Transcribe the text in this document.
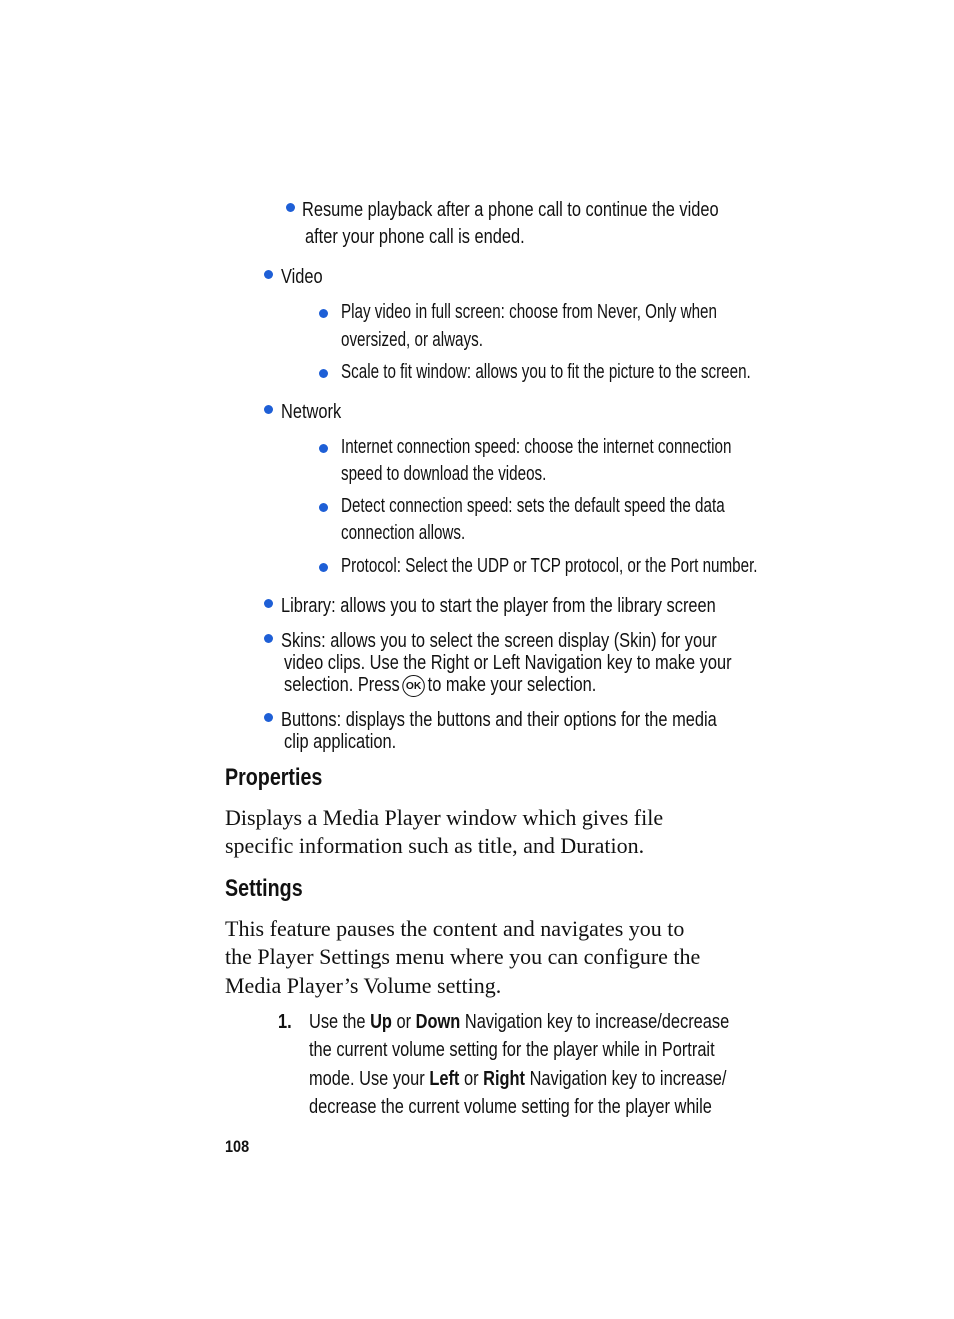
Resume playback after a phone call to continue the video
after your phone call is ended.
Video
Play video in full screen: choose from Never, Only when
oversized, or always.
Scale to fit window: allows you to fit the picture to the screen.
Network
Internet connection speed: choose the internet connection
speed to download the videos.
Detect connection speed: sets the default speed the data
connection allows.
Protocol: Select the UDP or TCP protocol, or the Port number.
Library: allows you to start the player from the library screen
Skins: allows you to select the screen display (Skin) for your
video clips. Use the Right or Left Navigation key to make your
selection. Press OK to make your selection.
Buttons: displays the buttons and their options for the media
clip application.
Properties
Displays a Media Player window which gives file
specific information such as title, and Duration.
Settings
This feature pauses the content and navigates you to
the Player Settings menu where you can configure the
Media Player’s Volume setting.
1. Use the Up or Down Navigation key to increase/decrease
the current volume setting for the player while in Portrait
mode. Use your Left or Right Navigation key to increase/
decrease the current volume setting for the player while
108
